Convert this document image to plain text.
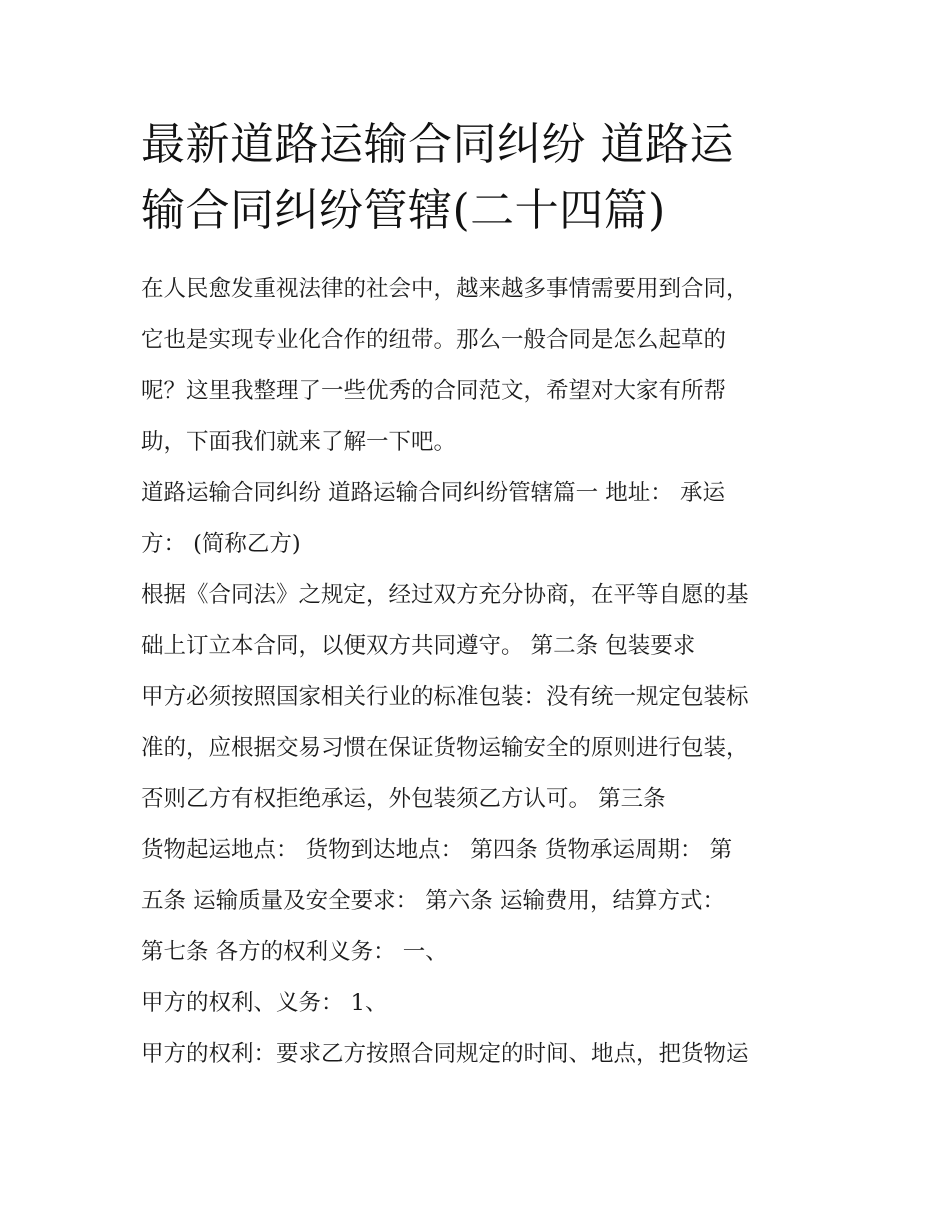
最新道路运输合同纠纷 道路运
输合同纠纷管辖(二十四篇)
在人民愈发重视法律的社会中，越来越多事情需要用到合同，
它也是实现专业化合作的纽带。那么一般合同是怎么起草的
呢？这里我整理了一些优秀的合同范文，希望对大家有所帮
助，下面我们就来了解一下吧。
道路运输合同纠纷 道路运输合同纠纷管辖篇一 地址： 承运
方： (简称乙方)
根据《合同法》之规定，经过双方充分协商，在平等自愿的基
础上订立本合同，以便双方共同遵守。 第二条 包装要求
甲方必须按照国家相关行业的标准包装：没有统一规定包装标
准的，应根据交易习惯在保证货物运输安全的原则进行包装，
否则乙方有权拒绝承运，外包装须乙方认可。 第三条
货物起运地点： 货物到达地点： 第四条 货物承运周期： 第
五条 运输质量及安全要求： 第六条 运输费用，结算方式：
第七条 各方的权利义务： 一、
甲方的权利、义务： 1、
甲方的权利：要求乙方按照合同规定的时间、地点，把货物运
